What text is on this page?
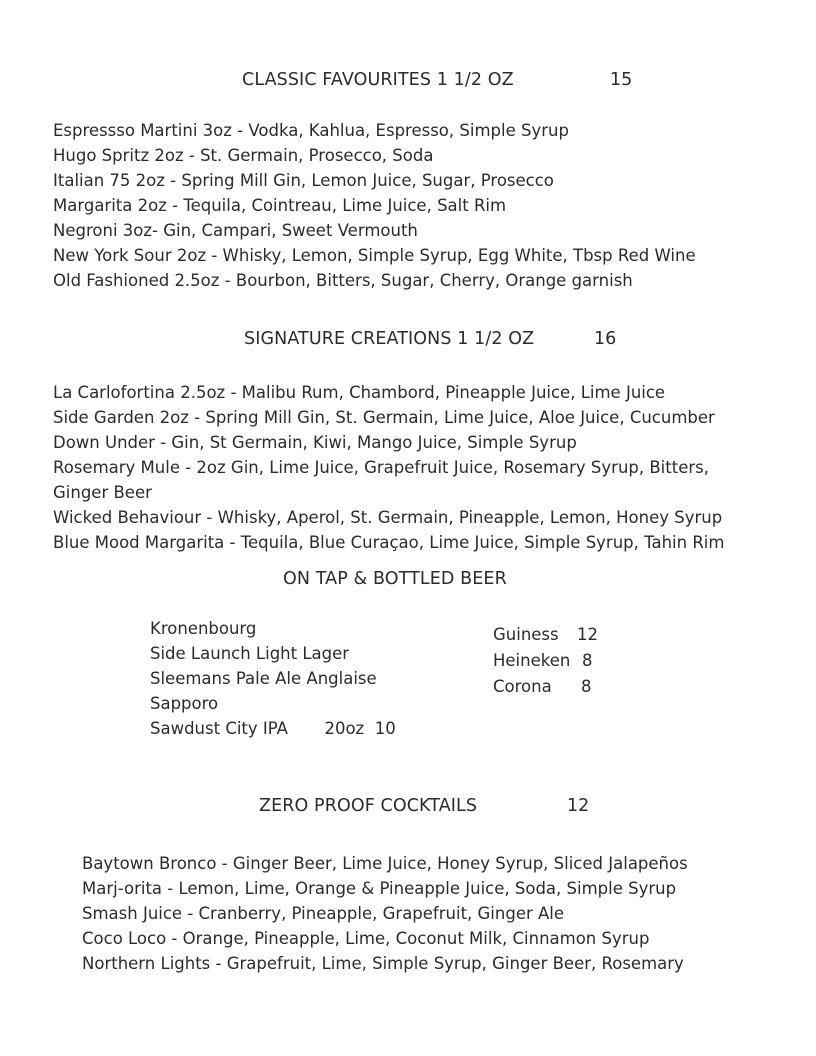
CLASSIC FAVOURITES 1 1/2 OZ	15
Espressso Martini 3oz - Vodka, Kahlua, Espresso, Simple Syrup
Hugo Spritz 2oz - St. Germain, Prosecco, Soda
Italian 75 2oz - Spring Mill Gin, Lemon Juice, Sugar, Prosecco
Margarita 2oz - Tequila, Cointreau, Lime Juice, Salt Rim
Negroni 3oz- Gin, Campari, Sweet Vermouth
New York Sour 2oz - Whisky, Lemon, Simple Syrup, Egg White, Tbsp Red Wine
Old Fashioned 2.5oz - Bourbon, Bitters, Sugar, Cherry, Orange garnish
SIGNATURE CREATIONS 1 1/2 OZ	16
La Carlofortina 2.5oz - Malibu Rum, Chambord, Pineapple Juice, Lime Juice
Side Garden 2oz - Spring Mill Gin, St. Germain, Lime Juice, Aloe Juice, Cucumber
Down Under - Gin, St Germain, Kiwi, Mango Juice, Simple Syrup
Rosemary Mule - 2oz Gin, Lime Juice, Grapefruit Juice, Rosemary Syrup, Bitters,
Ginger Beer
Wicked Behaviour - Whisky, Aperol, St. Germain, Pineapple, Lemon, Honey Syrup
Blue Mood Margarita - Tequila, Blue Curaçao, Lime Juice, Simple Syrup, Tahin Rim
ON TAP & BOTTLED BEER
Kronenbourg
Side Launch Light Lager
Sleemans Pale Ale Anglaise
Sapporo
Sawdust City IPA 20oz  10
Guiness 12
Heineken 8
Corona 8
ZERO PROOF COCKTAILS	12
Baytown Bronco - Ginger Beer, Lime Juice, Honey Syrup, Sliced Jalapeños
Marj-orita - Lemon, Lime, Orange & Pineapple Juice, Soda, Simple Syrup
Smash Juice - Cranberry, Pineapple, Grapefruit, Ginger Ale
Coco Loco - Orange, Pineapple, Lime, Coconut Milk, Cinnamon Syrup
Northern Lights - Grapefruit, Lime, Simple Syrup, Ginger Beer, Rosemary
